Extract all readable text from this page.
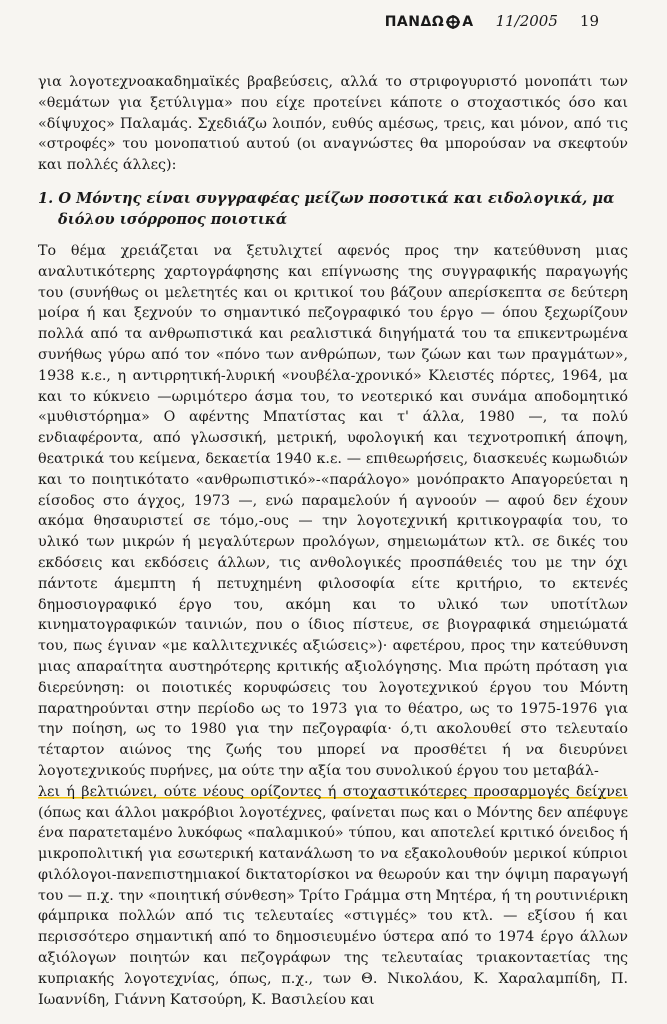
ΠΑΝΔΩ Α 11/2005 19

για λογοτεχνοακαδημαϊκές βραβεύσεις, αλλά το στριφογυριστό μονοπάτι των «θεμάτων για ξετύλιγμα» που είχε προτείνει κάποτε ο στοχαστικός όσο και «δίψυχος» Παλαμάς. Σχεδιάζω λοιπόν, ευθύς αμέσως, τρεις, και μόνον, από τις «στροφές» του μονοπατιού αυτού (οι αναγνώστες θα μπορούσαν να σκεφτούν και πολλές άλλες):

1. Ο Μόντης είναι συγγραφέας μείζων ποσοτικά και ειδολογικά, μα διόλου ισόρροπος ποιοτικά

Το θέμα χρειάζεται να ξετυλιχτεί αφενός προς την κατεύθυνση μιας αναλυτικότερης χαρτογράφησης και επίγνωσης της συγγραφικής παραγωγής του (συνήθως οι μελετητές και οι κριτικοί του βάζουν απερίσκεπτα σε δεύτερη μοίρα ή και ξεχνούν το σημαντικό πεζογραφικό του έργο — όπου ξεχωρίζουν πολλά από τα ανθρωπιστικά και ρεαλιστικά διηγήματά του τα επικεντρωμένα συνήθως γύρω από τον «πόνο των ανθρώπων, των ζώων και των πραγμάτων», 1938 κ.ε., η αντιρρητική-λυρική «νουβέλα-χρονικό» Κλειστές πόρτες, 1964, μα και το κύκνειο —ωριμότερο άσμα του, το νεοτερικό και συνάμα αποδομητικό «μυθιστόρημα» Ο αφέντης Μπατίστας και τ' άλλα, 1980 —, τα πολύ ενδιαφέροντα, από γλωσσική, μετρική, υφολογική και τεχνοτροπική άποψη, θεατρικά του κείμενα, δεκαετία 1940 κ.ε. — επιθεωρήσεις, διασκευές κωμωδιών και το ποιητικότατο «ανθρωπιστικό»-«παράλογο» μονόπρακτο Απαγορεύεται η είσοδος στο άγχος, 1973 —, ενώ παραμελούν ή αγνοούν — αφού δεν έχουν ακόμα θησαυριστεί σε τόμο,-ους — την λογοτεχνική κριτικογραφία του, το υλικό των μικρών ή μεγαλύτερων προλόγων, σημειωμάτων κτλ. σε δικές του εκδόσεις και εκδόσεις άλλων, τις ανθολογικές προσπάθειές του με την όχι πάντοτε άμεμπτη ή πετυχημένη φιλοσοφία είτε κριτήριο, το εκτενές δημοσιογραφικό έργο του, ακόμη και το υλικό των υποτίτλων κινηματογραφικών ταινιών, που ο ίδιος πίστευε, σε βιογραφικά σημειώματά του, πως έγιναν «με καλλιτεχνικές αξιώσεις»)· αφετέρου, προς την κατεύθυνση μιας απαραίτητα αυστηρότερης κριτικής αξιολόγησης. Μια πρώτη πρόταση για διερεύνηση: οι ποιοτικές κορυφώσεις του λογοτεχνικού έργου του Μόντη παρατηρούνται στην περίοδο ως το 1973 για το θέατρο, ως το 1975-1976 για την ποίηση, ως το 1980 για την πεζογραφία· ό,τι ακολουθεί στο τελευταίο τέταρτον αιώνος της ζωής του μπορεί να προσθέτει ή να διευρύνει λογοτεχνικούς πυρήνες, μα ούτε την αξία του συνολικού έργου του μεταβάλ-
λει ή βελτιώνει, ούτε νέους ορίζοντες ή στοχαστικότερες προσαρμογές δείχνει (όπως και άλλοι μακρόβιοι λογοτέχνες, φαίνεται πως και ο Μόντης δεν απέφυγε ένα παρατεταμένο λυκόφως «παλαμικού» τύπου, και αποτελεί κριτικό όνειδος ή μικροπολιτική για εσωτερική κατανάλωση το να εξακολουθούν μερικοί κύπριοι φιλόλογοι-πανεπιστημιακοί δικτατορίσκοι να θεωρούν και την όψιμη παραγωγή του — π.χ. την «ποιητική σύνθεση» Τρίτο Γράμμα στη Μητέρα, ή τη ρουτινιέρικη φάμπρικα πολλών από τις τελευταίες «στιγμές» του κτλ. — εξίσου ή και περισσότερο σημαντική από το δημοσιευμένο ύστερα από το 1974 έργο άλλων αξιόλογων ποιητών και πεζογράφων της τελευταίας τριακονταετίας της κυπριακής λογοτεχνίας, όπως, π.χ., των Θ. Νικολάου, Κ. Χαραλαμπίδη, Π. Ιωαννίδη, Γιάννη Κατσούρη, Κ. Βασιλείου και
